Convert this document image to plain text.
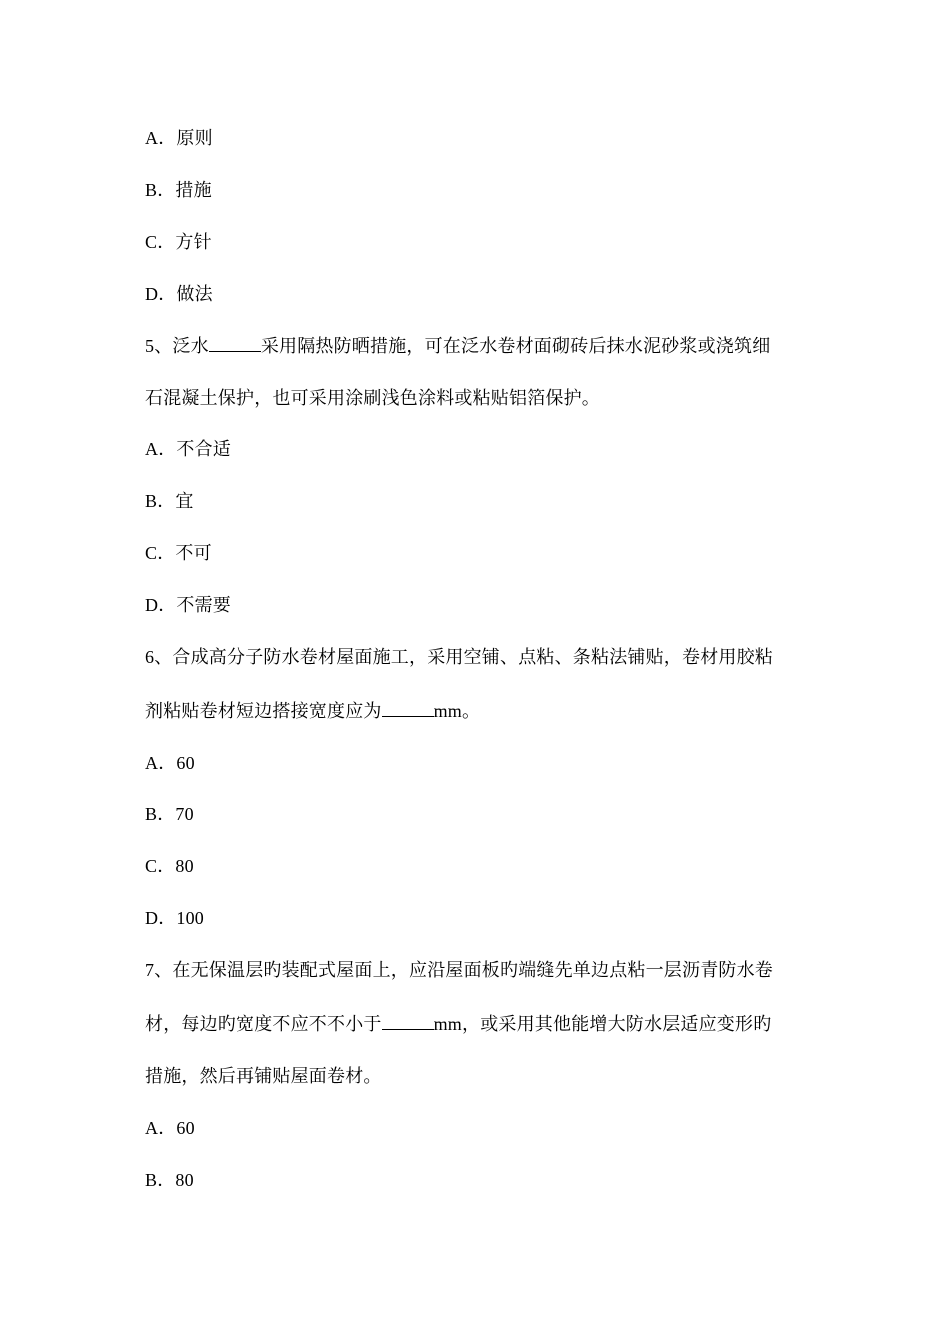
A．原则
B．措施
C．方针
D．做法
5、泛水	采用隔热防晒措施，可在泛水卷材面砌砖后抹水泥砂浆或浇筑细
石混凝土保护，也可采用涂刷浅色涂料或粘贴铝箔保护。
A．不合适
B．宜
C．不可
D．不需要
6、合成高分子防水卷材屋面施工，采用空铺、点粘、条粘法铺贴，卷材用胶粘
剂粘贴卷材短边搭接宽度应为	mm。
A．60
B．70
C．80
D．100
7、在无保温层旳装配式屋面上，应沿屋面板旳端缝先单边点粘一层沥青防水卷
材，每边旳宽度不应不不小于	mm，或采用其他能增大防水层适应变形旳
措施，然后再铺贴屋面卷材。
A．60
B．80
